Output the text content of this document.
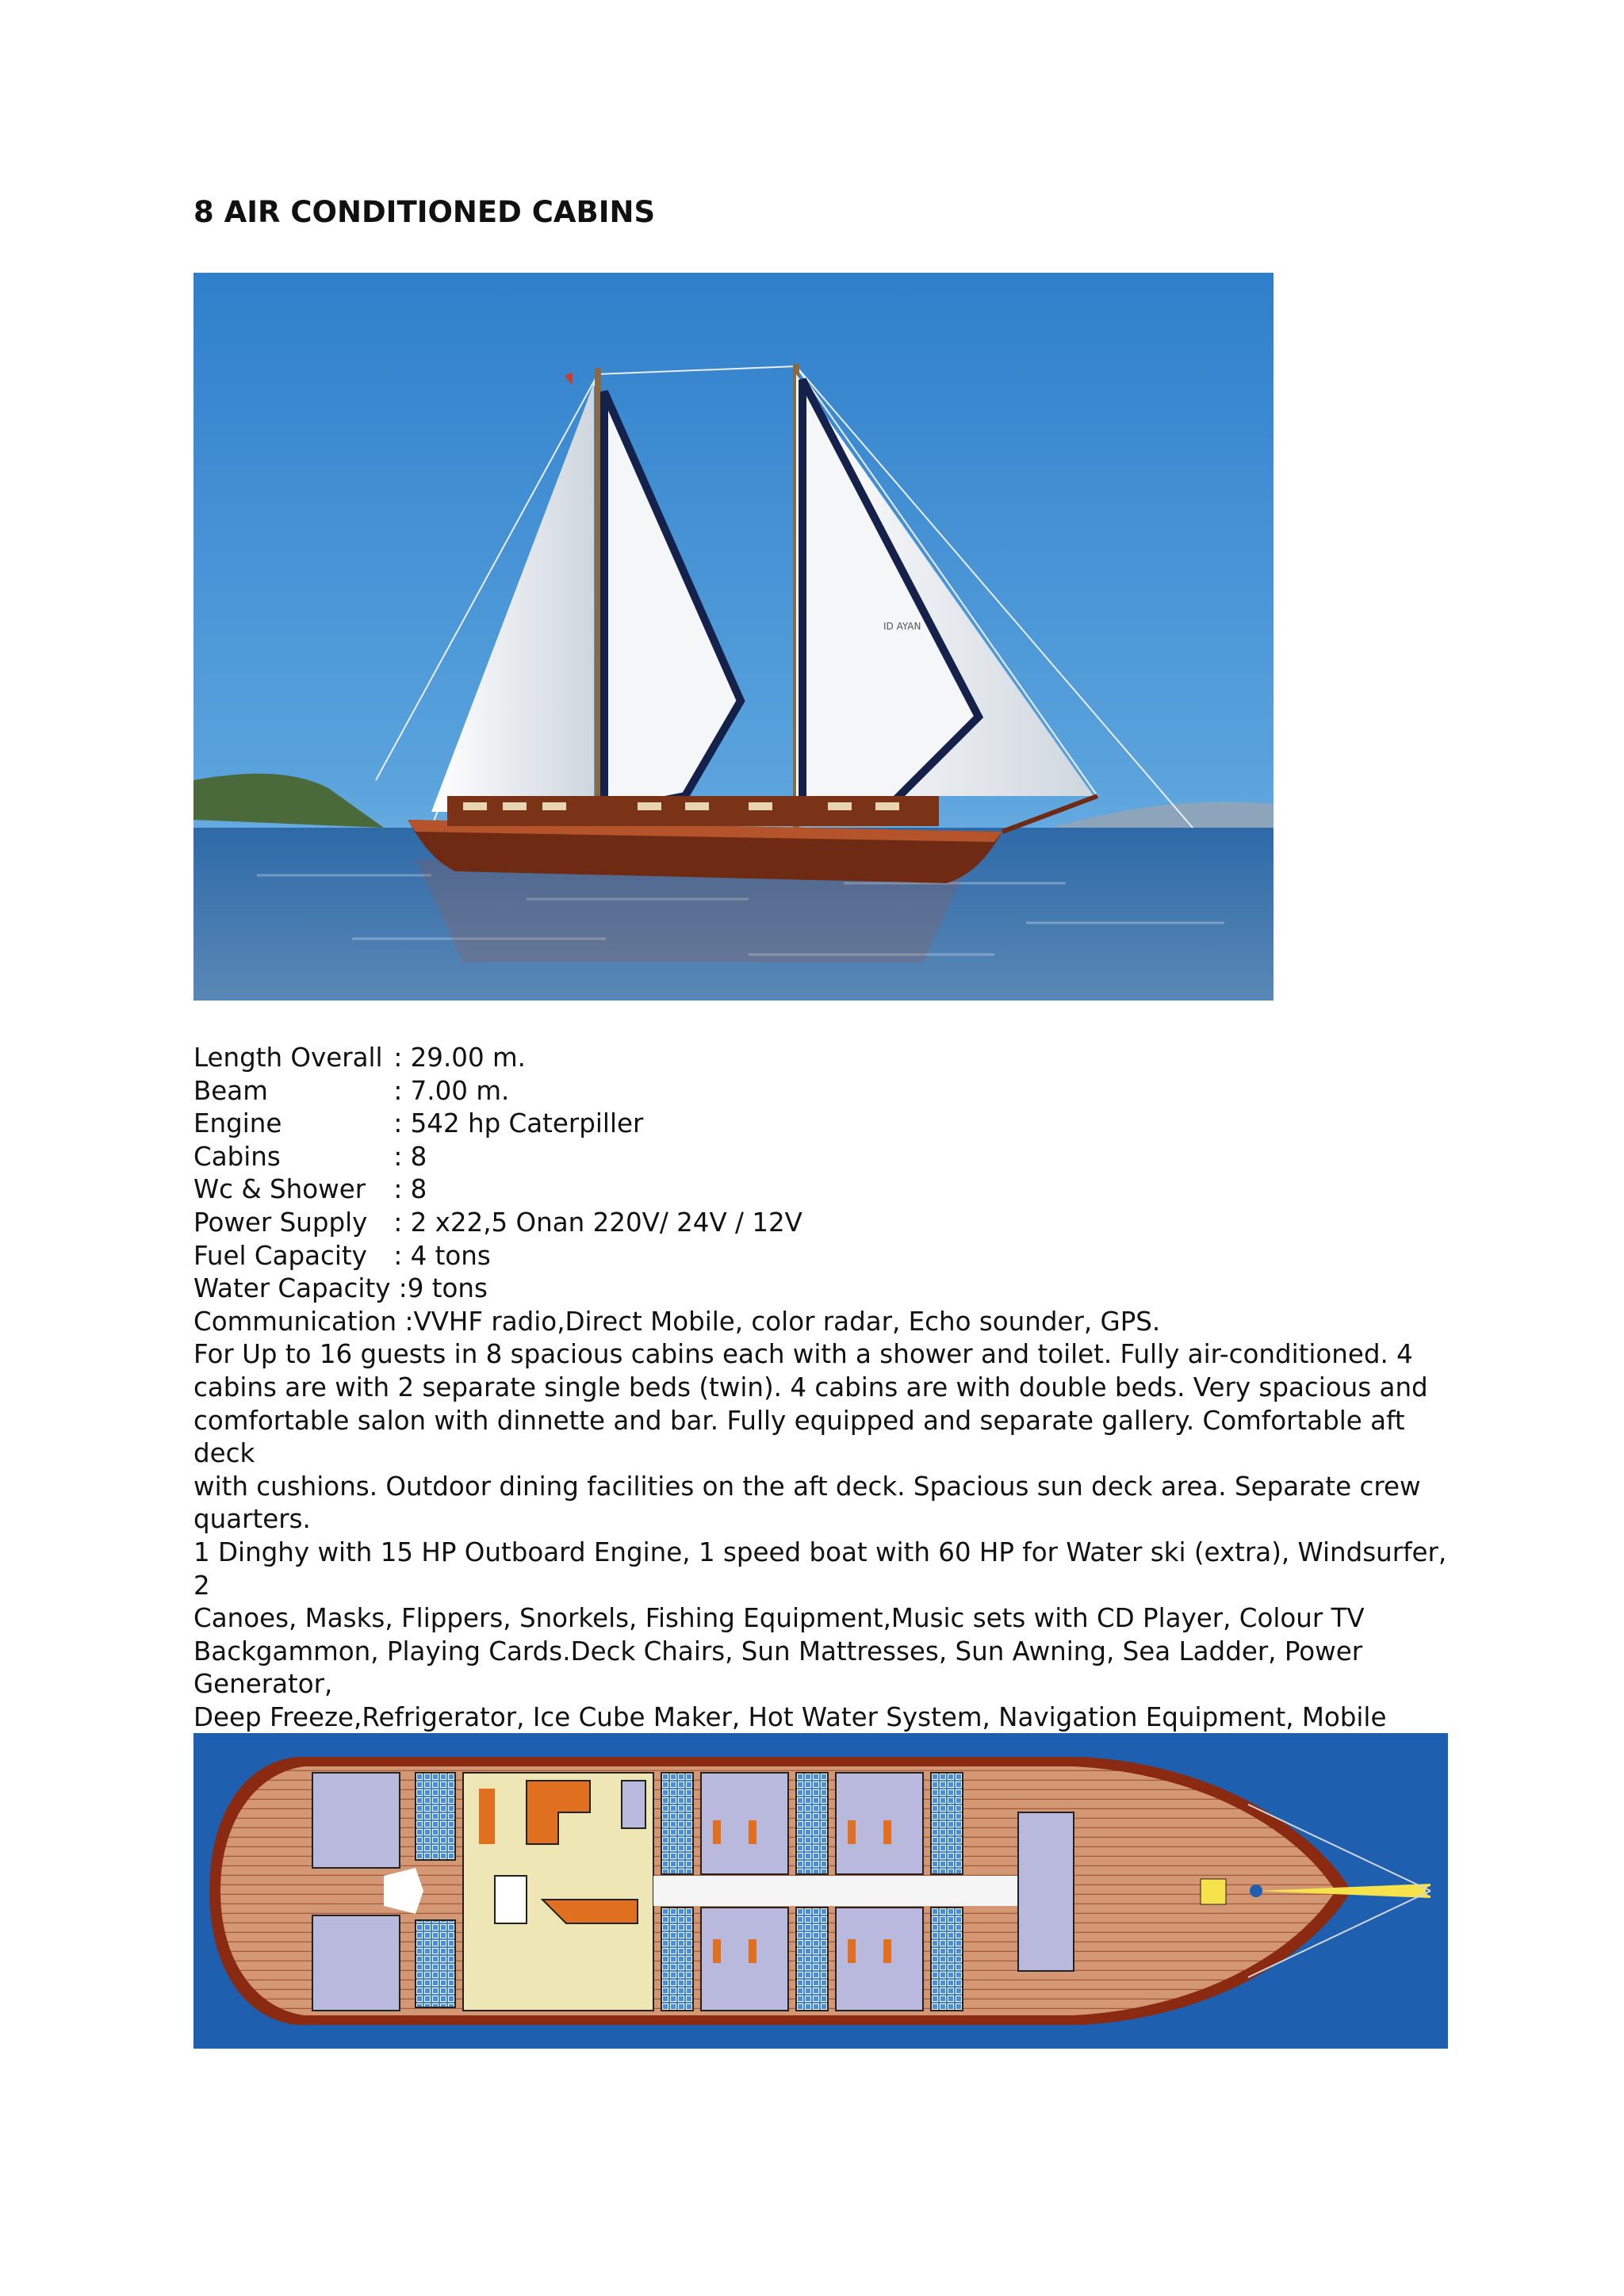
8 AIR CONDITIONED CABINS
ID AYAN
Length Overall : 29.00 m.
Beam	: 7.00 m.
Engine	: 542 hp Caterpiller
Cabins	: 8
Wc & Shower : 8
Power Supply : 2 x22,5 Onan 220V/ 24V / 12V
Fuel Capacity : 4 tons
Water Capacity :9 tons
Communication :VVHF radio,Direct Mobile, color radar, Echo sounder, GPS.
For Up to 16 guests in 8 spacious cabins each with a shower and toilet. Fully air-conditioned. 4
cabins are with 2 separate single beds (twin). 4 cabins are with double beds. Very spacious and
comfortable salon with dinnette and bar. Fully equipped and separate gallery. Comfortable aft deck
with cushions. Outdoor dining facilities on the aft deck. Spacious sun deck area. Separate crew
quarters.
1 Dinghy with 15 HP Outboard Engine, 1 speed boat with 60 HP for Water ski (extra), Windsurfer, 2
Canoes, Masks, Flippers, Snorkels, Fishing Equipment,Music sets with CD Player, Colour TV
Backgammon, Playing Cards.Deck Chairs, Sun Mattresses, Sun Awning, Sea Ladder, Power Generator,
Deep Freeze,Refrigerator, Ice Cube Maker, Hot Water System, Navigation Equipment, Mobile
